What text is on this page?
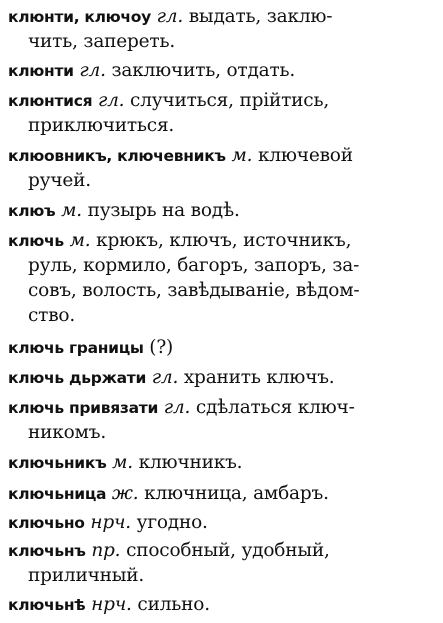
клюнти, ключоу гл. выдать, заклю-
чить, запереть.
клюнти гл. заключить, отдать.
клюнтися гл. случиться, прійтись,
приключиться.
клюовникъ, ключевникъ м. ключевой
ручей.
клюъ м. пузырь на водѣ.
ключь м. крюкъ, ключъ, источникъ,
руль, кормило, багоръ, запоръ, за-
совъ, волость, завѣдываніе, вѣдом-
ство.
ключь границы (?)
ключь дьржати гл. хранить ключъ.
ключь привязати гл. сдѣлаться ключ-
никомъ.
ключьникъ м. ключникъ.
ключьница ж. ключница, амбаръ.
ключьно нрч. угодно.
ключьнъ пр. способный, удобный,
приличный.
ключьнѣ нрч. сильно.
